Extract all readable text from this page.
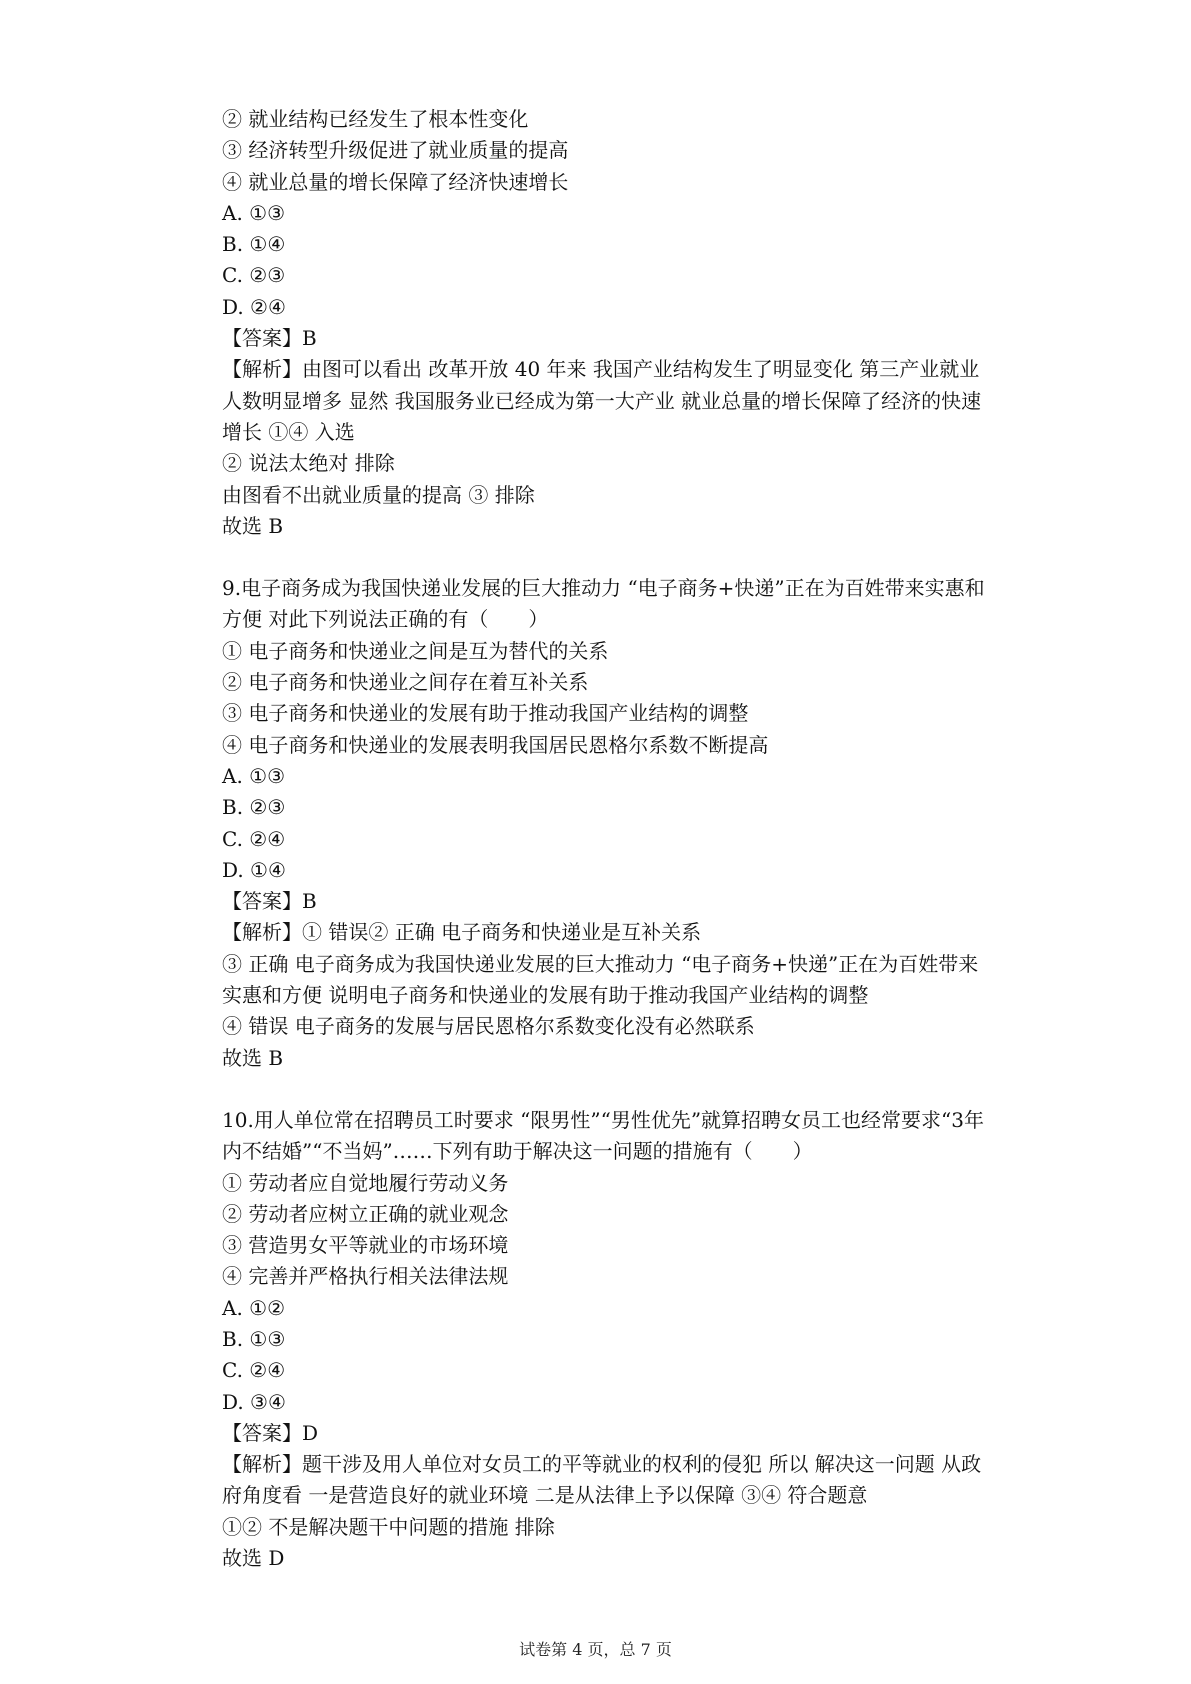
② 就业结构已经发生了根本性变化
③ 经济转型升级促进了就业质量的提高
④ 就业总量的增长保障了经济快速增长
A. ①③
B. ①④
C. ②③
D. ②④
【答案】B
【解析】由图可以看出 改革开放 40 年来 我国产业结构发生了明显变化 第三产业就业
人数明显增多 显然 我国服务业已经成为第一大产业 就业总量的增长保障了经济的快速
增长 ①④ 入选
② 说法太绝对 排除
由图看不出就业质量的提高 ③ 排除
故选 B
9.电子商务成为我国快递业发展的巨大推动力 “电子商务+快递”正在为百姓带来实惠和
方便 对此下列说法正确的有（　　）
① 电子商务和快递业之间是互为替代的关系
② 电子商务和快递业之间存在着互补关系
③ 电子商务和快递业的发展有助于推动我国产业结构的调整
④ 电子商务和快递业的发展表明我国居民恩格尔系数不断提高
A. ①③
B. ②③
C. ②④
D. ①④
【答案】B
【解析】① 错误② 正确 电子商务和快递业是互补关系
③ 正确 电子商务成为我国快递业发展的巨大推动力 “电子商务+快递”正在为百姓带来
实惠和方便 说明电子商务和快递业的发展有助于推动我国产业结构的调整
④ 错误 电子商务的发展与居民恩格尔系数变化没有必然联系
故选 B
10.用人单位常在招聘员工时要求 “限男性”“男性优先”就算招聘女员工也经常要求“3年
内不结婚”“不当妈”……下列有助于解决这一问题的措施有（　　）
① 劳动者应自觉地履行劳动义务
② 劳动者应树立正确的就业观念
③ 营造男女平等就业的市场环境
④ 完善并严格执行相关法律法规
A. ①②
B. ①③
C. ②④
D. ③④
【答案】D
【解析】题干涉及用人单位对女员工的平等就业的权利的侵犯 所以 解决这一问题 从政
府角度看 一是营造良好的就业环境 二是从法律上予以保障 ③④ 符合题意
①② 不是解决题干中问题的措施 排除
故选 D
试卷第 4 页，总 7 页
